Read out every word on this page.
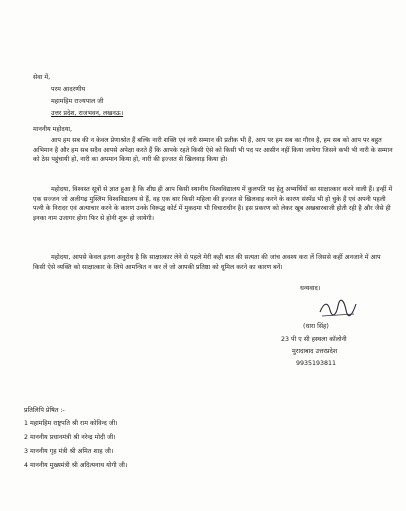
सेवा में,
परम आदरणीय
महामहिम राज्यपाल जी
उत्तर प्रदेश, राजभवन, लखनऊ।
माननीय महोदया,
आप हम सब की न केवल प्रेणाश्रोत हैं बल्कि नारी शक्ति एवं नारी सम्मान की प्रतीक भी हैं, आप पर हम सब का गौरव है, हम सब को आप पर बहुत अभिमान है और हम सब सदैव आपसे अपेक्षा करते हैं कि आपके रहते किसी ऐसे को किसी भी पद पर आसीन नहीं किया जायेगा जिसने कभी भी नारी के सम्मान को ठेस पहुंचायी हो, नारी का अपमान किया हो, नारी की इज्जत से खिलवाड़ किया हो।
महोदया, विश्वस्त सूत्रों से ज्ञात हुआ है कि शीघ्र ही आप किसी स्थानीय विश्वविद्यालय में कुलपति पद हेतु अभ्यर्थियों का साक्षात्कार करने वाली हैं। इन्हीं में एक सज्जन जो अलीगढ़ मुस्लिम विश्वविद्यालय से हैं, वह एक बार किसी महिला की इज्जत से खिलवाड़ करने के कारण संस्पेंड भी हो चुके हैं एवं अपनी पहली पत्नी के निरादर एवं अत्याचार करने के कारण उनके विरूद्ध कोर्ट में मुकदमा भी विचाराधीन है। इस प्रकरण को लेकर खूब अखबारबाजी होती रही है और जैसे ही इनका नाम उजागर होगा फिर से होनी शुरू हो जायेगी।
महोदया, आपसे केवल इतना अनुरोध है कि साक्षात्कार लेने से पहले मेरी कही बात की सत्यता की जांच अवश्य करा लें जिससे कहीं अनजाने में आप किसी ऐसे व्यक्ति को साक्षात्कार के लिये आमन्त्रित न कर लें जो आपकी प्रतिष्ठा को धूमिल करने का कारण बनें।
धन्यवाद।
(धारा सिंह)
23 पी ए सी हस्थला कॉलोनी
मुरादाबाद उत्तरप्रदेश
9935193811
प्रतिलिपि प्रेषित :-
1 महामहिम राष्ट्रपति श्री राम कोविन्द जी।
2 माननीय प्रधानमंत्री श्री नरेन्द्र मोदी जी।
3 माननीय गृह मंत्री श्री अमित शाह जी।
4 माननीय मुख्यमंत्री श्री अदित्यनाथ योगी जी।
